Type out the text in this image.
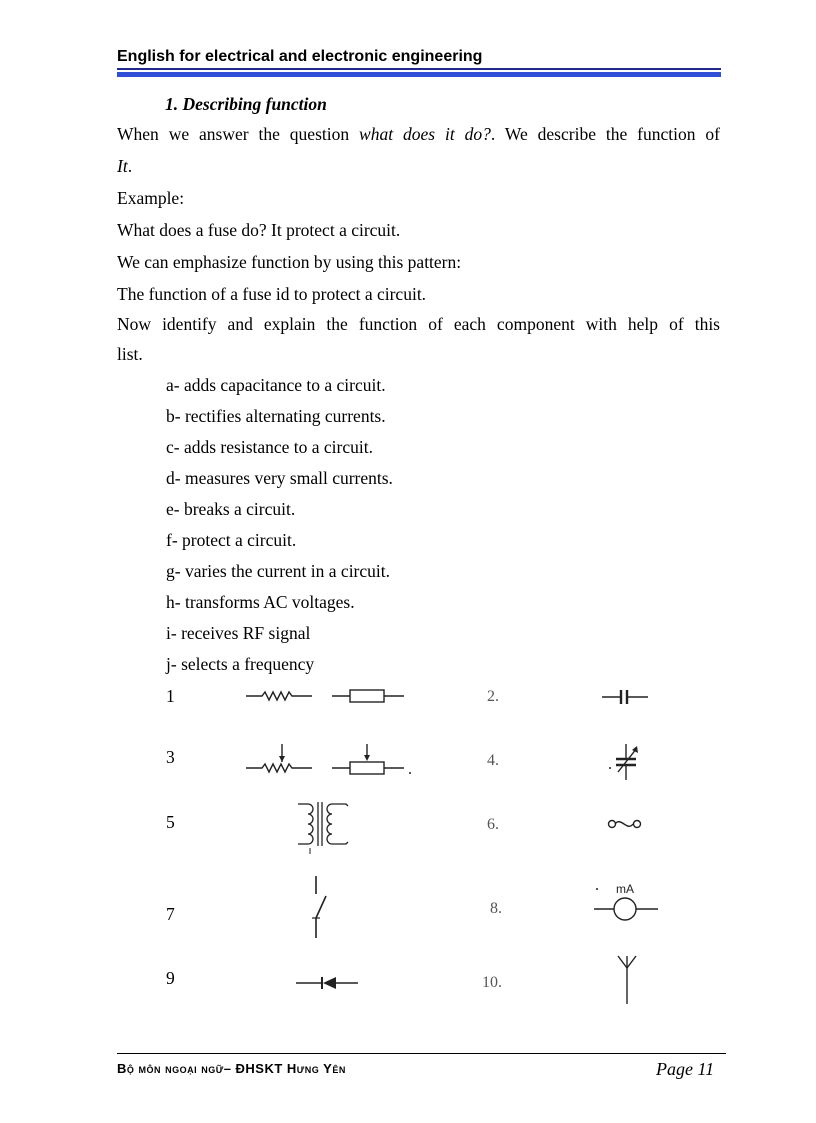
English for electrical and electronic engineering
1. Describing function
When we answer the question what does it do?. We describe the function of
It.
Example:
What does a fuse do? It protect a circuit.
We can emphasize function by using this pattern:
The function of a fuse id to protect a circuit.
Now identify and explain the function of each component with help of this
list.
a- adds capacitance to a circuit.
b- rectifies alternating currents.
c- adds resistance to a circuit.
d- measures very small currents.
e- breaks a circuit.
f- protect a circuit.
g- varies the current in a circuit.
h- transforms AC voltages.
i- receives RF signal
j- selects a frequency
1	2.
3	4.
5	6.
7	8.
9	10.
mA
Bộ môn ngoại ngữ– ĐHSKT Hưng Yên	Page 11
